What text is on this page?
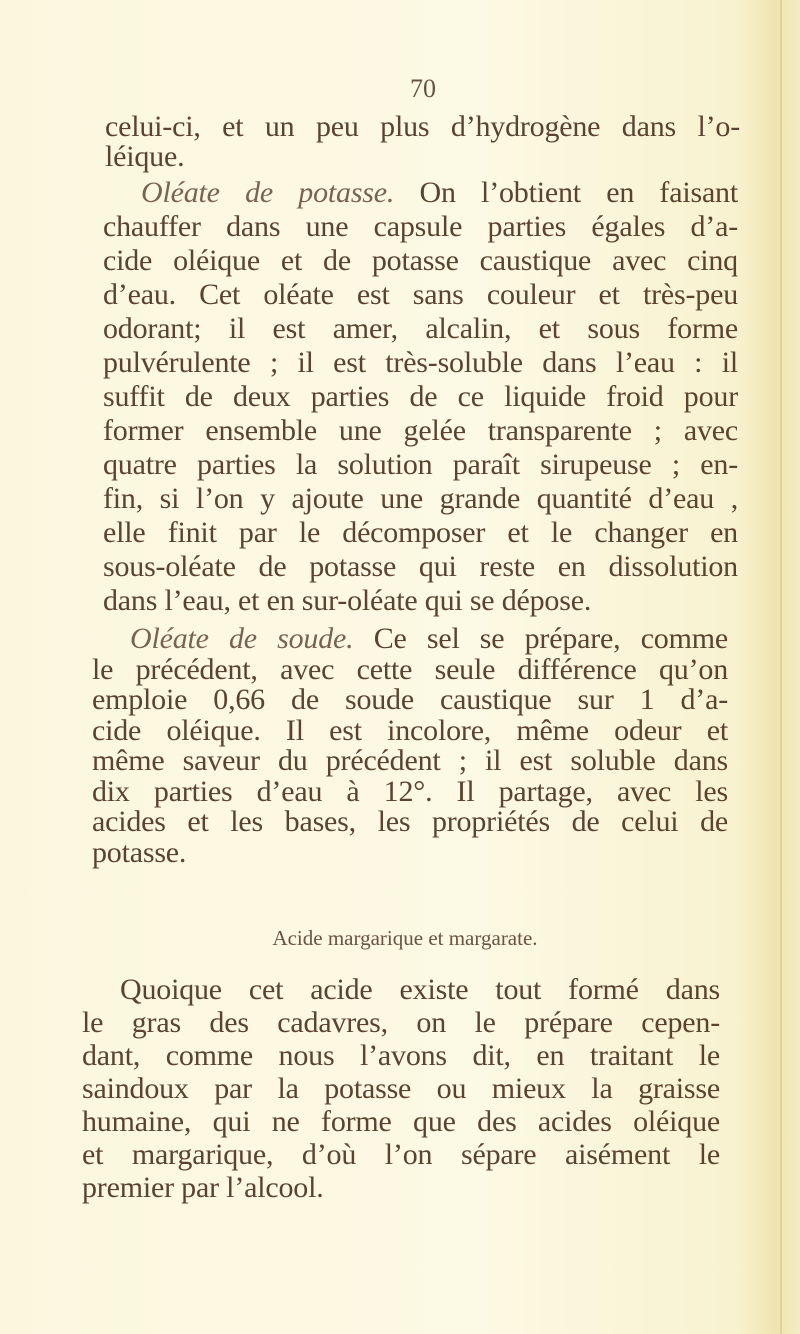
70
celui-ci, et un peu plus d’hydrogène dans l’o-
léique.
Oléate de potasse. On l’obtient en faisant
chauffer dans une capsule parties égales d’a-
cide oléique et de potasse caustique avec cinq
d’eau. Cet oléate est sans couleur et très-peu
odorant; il est amer, alcalin, et sous forme
pulvérulente ; il est très-soluble dans l’eau : il
suffit de deux parties de ce liquide froid pour
former ensemble une gelée transparente ; avec
quatre parties la solution paraît sirupeuse ; en-
fin, si l’on y ajoute une grande quantité d’eau ,
elle finit par le décomposer et le changer en
sous-oléate de potasse qui reste en dissolution
dans l’eau, et en sur-oléate qui se dépose.
Oléate de soude. Ce sel se prépare, comme
le précédent, avec cette seule différence qu’on
emploie 0,66 de soude caustique sur 1 d’a-
cide oléique. Il est incolore, même odeur et
même saveur du précédent ; il est soluble dans
dix parties d’eau à 12°. Il partage, avec les
acides et les bases, les propriétés de celui de
potasse.
Acide margarique et margarate.
Quoique cet acide existe tout formé dans
le gras des cadavres, on le prépare cepen-
dant, comme nous l’avons dit, en traitant le
saindoux par la potasse ou mieux la graisse
humaine, qui ne forme que des acides oléique
et margarique, d’où l’on sépare aisément le
premier par l’alcool.
